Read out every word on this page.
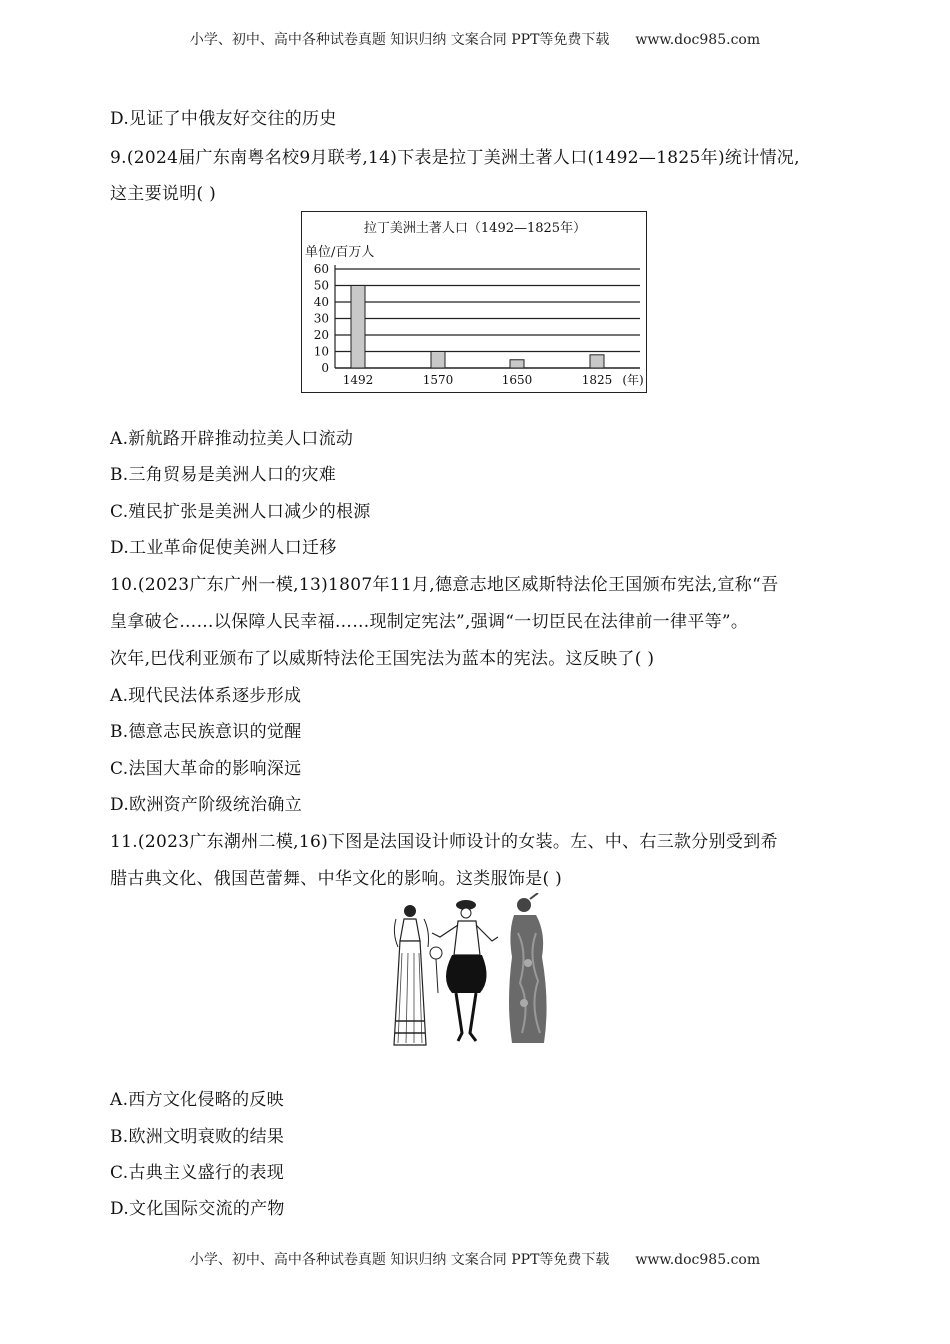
小学、初中、高中各种试卷真题 知识归纳 文案合同 PPT等免费下载 www.doc985.com
D.见证了中俄友好交往的历史
9.(2024届广东南粤名校9月联考,14)下表是拉丁美洲土著人口(1492—1825年)统计情况,
这主要说明( )
拉丁美洲土著人口（1492—1825年）
单位/百万人
0
10
20
30
40
50
60
1492	1570	1650	1825 (年)
A.新航路开辟推动拉美人口流动
B.三角贸易是美洲人口的灾难
C.殖民扩张是美洲人口减少的根源
D.工业革命促使美洲人口迁移
10.(2023广东广州一模,13)1807年11月,德意志地区威斯特法伦王国颁布宪法,宣称“吾
皇拿破仑……以保障人民幸福……现制定宪法”,强调“一切臣民在法律前一律平等”。
次年,巴伐利亚颁布了以威斯特法伦王国宪法为蓝本的宪法。这反映了( )
A.现代民法体系逐步形成
B.德意志民族意识的觉醒
C.法国大革命的影响深远
D.欧洲资产阶级统治确立
11.(2023广东潮州二模,16)下图是法国设计师设计的女装。左、中、右三款分别受到希
腊古典文化、俄国芭蕾舞、中华文化的影响。这类服饰是( )
A.西方文化侵略的反映
B.欧洲文明衰败的结果
C.古典主义盛行的表现
D.文化国际交流的产物
小学、初中、高中各种试卷真题 知识归纳 文案合同 PPT等免费下载 www.doc985.com
